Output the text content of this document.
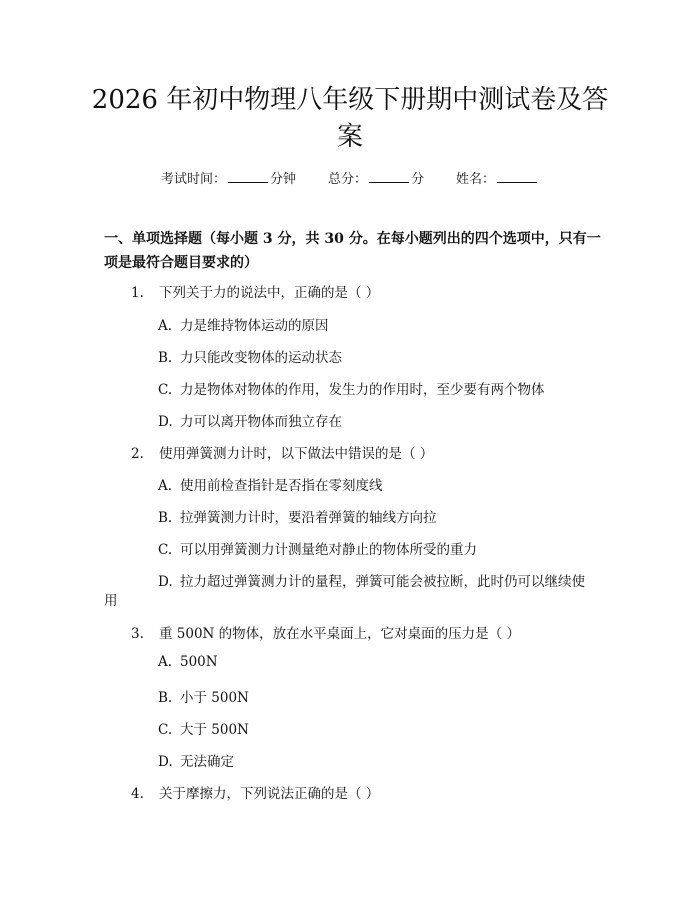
2026 年初中物理八年级下册期中测试卷及答
案
考试时间：	分钟 总分：	分 姓名：
一、单项选择题（每小题 3 分，共 30 分。在每小题列出的四个选项中，只有一项是最符合题目要求的）
1. 下列关于力的说法中，正确的是（ ）
A. 力是维持物体运动的原因
B. 力只能改变物体的运动状态
C. 力是物体对物体的作用，发生力的作用时，至少要有两个物体
D. 力可以离开物体而独立存在
2. 使用弹簧测力计时，以下做法中错误的是（ ）
A. 使用前检查指针是否指在零刻度线
B. 拉弹簧测力计时，要沿着弹簧的轴线方向拉
C. 可以用弹簧测力计测量绝对静止的物体所受的重力
D. 拉力超过弹簧测力计的量程，弹簧可能会被拉断，此时仍可以继续使
用
3. 重 500N 的物体，放在水平桌面上，它对桌面的压力是（ ）
A. 500N
B. 小于 500N
C. 大于 500N
D. 无法确定
4. 关于摩擦力，下列说法正确的是（ ）
